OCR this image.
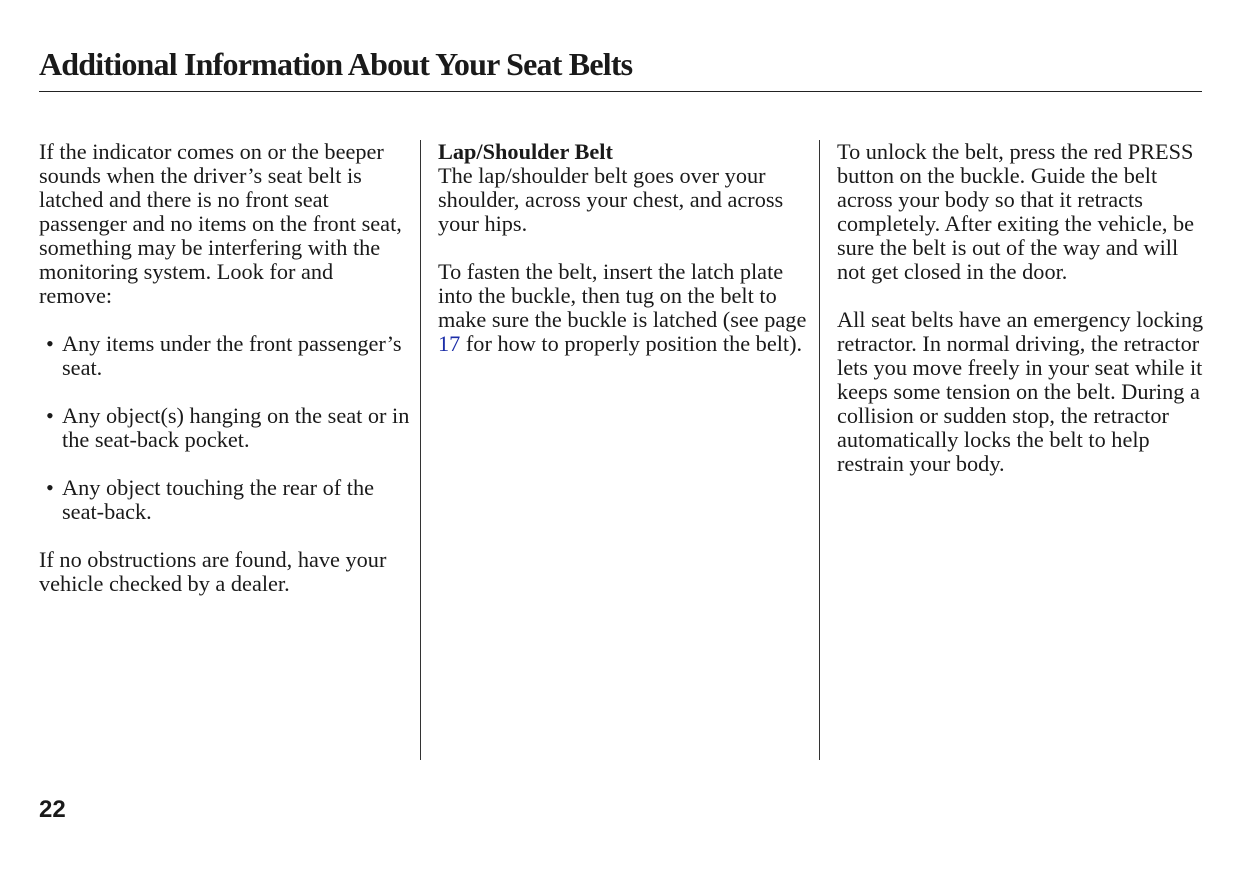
Additional Information About Your Seat Belts

If the indicator comes on or the beeper sounds when the driver’s seat belt is latched and there is no front seat passenger and no items on the front seat, something may be interfering with the monitoring system. Look for and remove:

• Any items under the front passenger’s seat.
• Any object(s) hanging on the seat or in the seat-back pocket.
• Any object touching the rear of the seat-back.

If no obstructions are found, have your vehicle checked by a dealer.

Lap/Shoulder Belt

The lap/shoulder belt goes over your shoulder, across your chest, and across your hips.

To fasten the belt, insert the latch plate into the buckle, then tug on the belt to make sure the buckle is latched (see page 17 for how to properly position the belt).

To unlock the belt, press the red PRESS button on the buckle. Guide the belt across your body so that it retracts completely. After exiting the vehicle, be sure the belt is out of the way and will not get closed in the door.

All seat belts have an emergency locking retractor. In normal driving, the retractor lets you move freely in your seat while it keeps some tension on the belt. During a collision or sudden stop, the retractor automatically locks the belt to help restrain your body.

22
